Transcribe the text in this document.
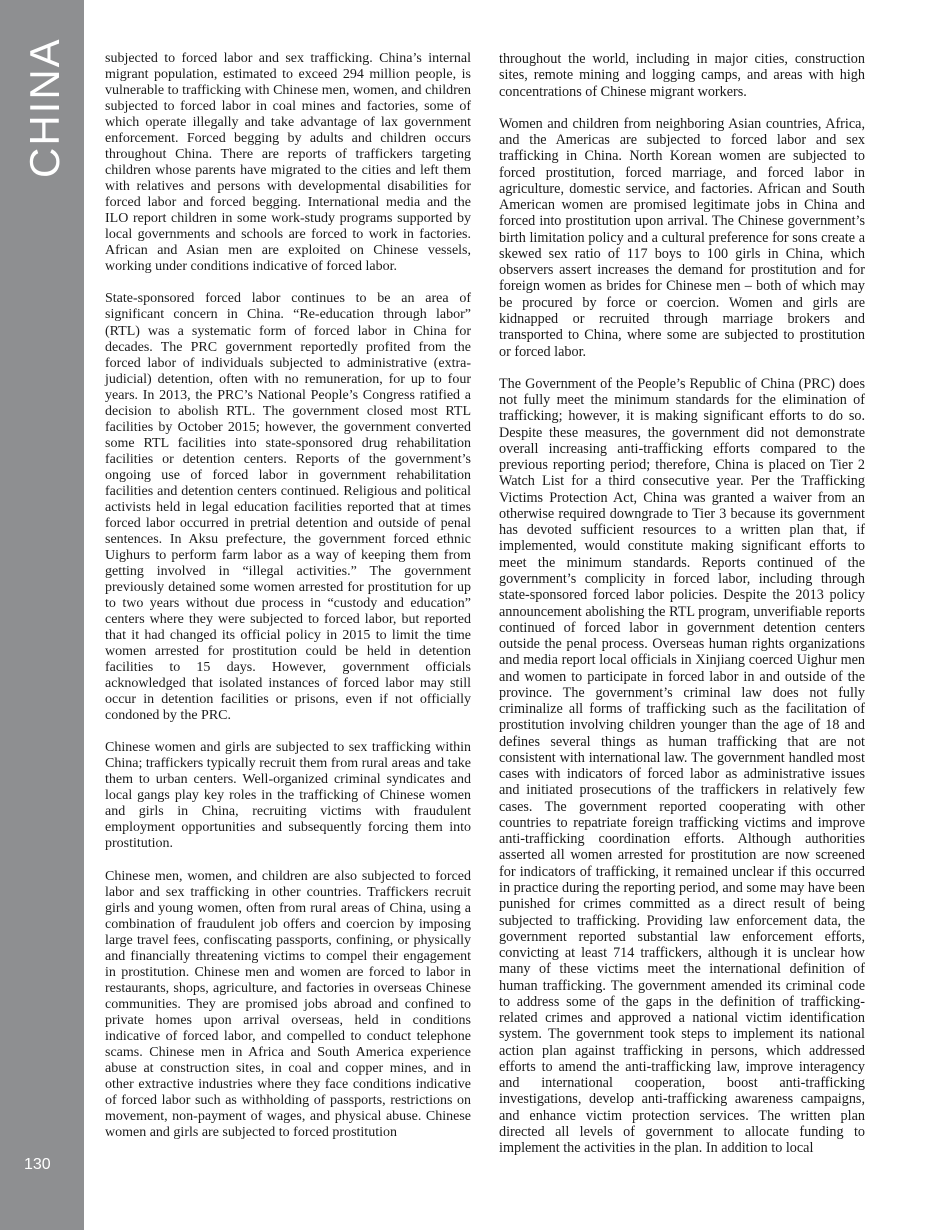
CHINA
130

subjected to forced labor and sex trafficking. China’s internal migrant population, estimated to exceed 294 million people, is vulnerable to trafficking with Chinese men, women, and children subjected to forced labor in coal mines and factories, some of which operate illegally and take advantage of lax government enforcement. Forced begging by adults and children occurs throughout China. There are reports of traffickers targeting children whose parents have migrated to the cities and left them with relatives and persons with developmental disabilities for forced labor and forced begging. International media and the ILO report children in some work-study programs supported by local governments and schools are forced to work in factories. African and Asian men are exploited on Chinese vessels, working under conditions indicative of forced labor.

State-sponsored forced labor continues to be an area of significant concern in China. “Re-education through labor” (RTL) was a systematic form of forced labor in China for decades. The PRC government reportedly profited from the forced labor of individuals subjected to administrative (extra-judicial) detention, often with no remuneration, for up to four years. In 2013, the PRC’s National People’s Congress ratified a decision to abolish RTL. The government closed most RTL facilities by October 2015; however, the government converted some RTL facilities into state-sponsored drug rehabilitation facilities or detention centers. Reports of the government’s ongoing use of forced labor in government rehabilitation facilities and detention centers continued. Religious and political activists held in legal education facilities reported that at times forced labor occurred in pretrial detention and outside of penal sentences. In Aksu prefecture, the government forced ethnic Uighurs to perform farm labor as a way of keeping them from getting involved in “illegal activities.” The government previously detained some women arrested for prostitution for up to two years without due process in “custody and education” centers where they were subjected to forced labor, but reported that it had changed its official policy in 2015 to limit the time women arrested for prostitution could be held in detention facilities to 15 days. However, government officials acknowledged that isolated instances of forced labor may still occur in detention facilities or prisons, even if not officially condoned by the PRC.

Chinese women and girls are subjected to sex trafficking within China; traffickers typically recruit them from rural areas and take them to urban centers. Well-organized criminal syndicates and local gangs play key roles in the trafficking of Chinese women and girls in China, recruiting victims with fraudulent employment opportunities and subsequently forcing them into prostitution.

Chinese men, women, and children are also subjected to forced labor and sex trafficking in other countries. Traffickers recruit girls and young women, often from rural areas of China, using a combination of fraudulent job offers and coercion by imposing large travel fees, confiscating passports, confining, or physically and financially threatening victims to compel their engagement in prostitution. Chinese men and women are forced to labor in restaurants, shops, agriculture, and factories in overseas Chinese communities. They are promised jobs abroad and confined to private homes upon arrival overseas, held in conditions indicative of forced labor, and compelled to conduct telephone scams. Chinese men in Africa and South America experience abuse at construction sites, in coal and copper mines, and in other extractive industries where they face conditions indicative of forced labor such as withholding of passports, restrictions on movement, non-payment of wages, and physical abuse. Chinese women and girls are subjected to forced prostitution

throughout the world, including in major cities, construction sites, remote mining and logging camps, and areas with high concentrations of Chinese migrant workers.

Women and children from neighboring Asian countries, Africa, and the Americas are subjected to forced labor and sex trafficking in China. North Korean women are subjected to forced prostitution, forced marriage, and forced labor in agriculture, domestic service, and factories. African and South American women are promised legitimate jobs in China and forced into prostitution upon arrival. The Chinese government’s birth limitation policy and a cultural preference for sons create a skewed sex ratio of 117 boys to 100 girls in China, which observers assert increases the demand for prostitution and for foreign women as brides for Chinese men – both of which may be procured by force or coercion. Women and girls are kidnapped or recruited through marriage brokers and transported to China, where some are subjected to prostitution or forced labor.

The Government of the People’s Republic of China (PRC) does not fully meet the minimum standards for the elimination of trafficking; however, it is making significant efforts to do so. Despite these measures, the government did not demonstrate overall increasing anti-trafficking efforts compared to the previous reporting period; therefore, China is placed on Tier 2 Watch List for a third consecutive year. Per the Trafficking Victims Protection Act, China was granted a waiver from an otherwise required downgrade to Tier 3 because its government has devoted sufficient resources to a written plan that, if implemented, would constitute making significant efforts to meet the minimum standards. Reports continued of the government’s complicity in forced labor, including through state-sponsored forced labor policies. Despite the 2013 policy announcement abolishing the RTL program, unverifiable reports continued of forced labor in government detention centers outside the penal process. Overseas human rights organizations and media report local officials in Xinjiang coerced Uighur men and women to participate in forced labor in and outside of the province. The government’s criminal law does not fully criminalize all forms of trafficking such as the facilitation of prostitution involving children younger than the age of 18 and defines several things as human trafficking that are not consistent with international law. The government handled most cases with indicators of forced labor as administrative issues and initiated prosecutions of the traffickers in relatively few cases. The government reported cooperating with other countries to repatriate foreign trafficking victims and improve anti-trafficking coordination efforts. Although authorities asserted all women arrested for prostitution are now screened for indicators of trafficking, it remained unclear if this occurred in practice during the reporting period, and some may have been punished for crimes committed as a direct result of being subjected to trafficking. Providing law enforcement data, the government reported substantial law enforcement efforts, convicting at least 714 traffickers, although it is unclear how many of these victims meet the international definition of human trafficking. The government amended its criminal code to address some of the gaps in the definition of trafficking-related crimes and approved a national victim identification system. The government took steps to implement its national action plan against trafficking in persons, which addressed efforts to amend the anti-trafficking law, improve interagency and international cooperation, boost anti-trafficking investigations, develop anti-trafficking awareness campaigns, and enhance victim protection services. The written plan directed all levels of government to allocate funding to implement the activities in the plan. In addition to local
